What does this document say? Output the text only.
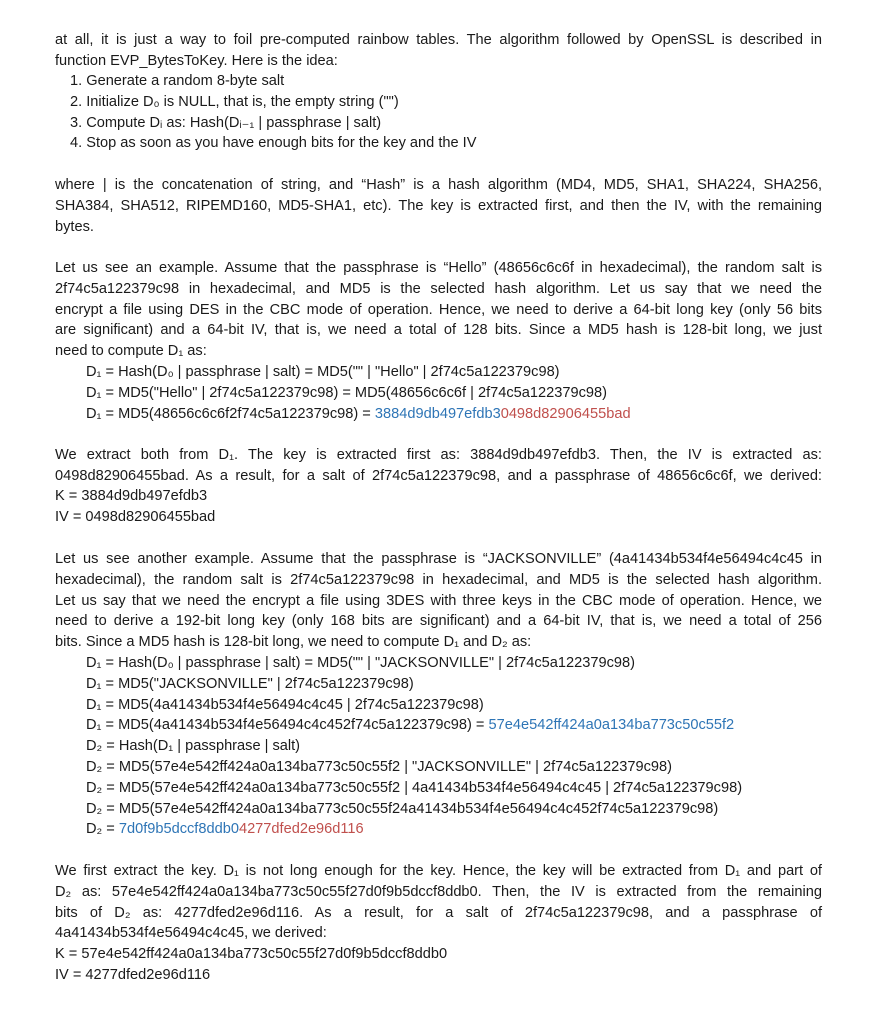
at all, it is just a way to foil pre-computed rainbow tables. The algorithm followed by OpenSSL is described in
function EVP_BytesToKey. Here is the idea:
1. Generate a random 8-byte salt
2. Initialize D₀ is NULL, that is, the empty string ("")
3. Compute Dᵢ as: Hash(Dᵢ₋₁ | passphrase | salt)
4. Stop as soon as you have enough bits for the key and the IV
where | is the concatenation of string, and “Hash” is a hash algorithm (MD4, MD5, SHA1, SHA224, SHA256,
SHA384, SHA512, RIPEMD160, MD5-SHA1, etc). The key is extracted first, and then the IV, with the remaining
bytes.
Let us see an example. Assume that the passphrase is “Hello” (48656c6c6f in hexadecimal), the random salt is
2f74c5a122379c98 in hexadecimal, and MD5 is the selected hash algorithm. Let us say that we need the
encrypt a file using DES in the CBC mode of operation. Hence, we need to derive a 64-bit long key (only 56 bits
are significant) and a 64-bit IV, that is, we need a total of 128 bits. Since a MD5 hash is 128-bit long, we just
need to compute D₁ as:
D₁ = Hash(D₀ | passphrase | salt) = MD5("" | "Hello" | 2f74c5a122379c98)
D₁ = MD5("Hello" | 2f74c5a122379c98) = MD5(48656c6c6f | 2f74c5a122379c98)
D₁ = MD5(48656c6c6f2f74c5a122379c98) = 3884d9db497efdb30498d82906455bad
We extract both from D₁. The key is extracted first as: 3884d9db497efdb3. Then, the IV is extracted as:
0498d82906455bad. As a result, for a salt of 2f74c5a122379c98, and a passphrase of 48656c6c6f, we derived:
K = 3884d9db497efdb3
IV = 0498d82906455bad
Let us see another example. Assume that the passphrase is “JACKSONVILLE” (4a41434b534f4e56494c4c45 in
hexadecimal), the random salt is 2f74c5a122379c98 in hexadecimal, and MD5 is the selected hash algorithm.
Let us say that we need the encrypt a file using 3DES with three keys in the CBC mode of operation. Hence, we
need to derive a 192-bit long key (only 168 bits are significant) and a 64-bit IV, that is, we need a total of 256
bits. Since a MD5 hash is 128-bit long, we need to compute D₁ and D₂ as:
D₁ = Hash(D₀ | passphrase | salt) = MD5("" | "JACKSONVILLE" | 2f74c5a122379c98)
D₁ = MD5("JACKSONVILLE" | 2f74c5a122379c98)
D₁ = MD5(4a41434b534f4e56494c4c45 | 2f74c5a122379c98)
D₁ = MD5(4a41434b534f4e56494c4c452f74c5a122379c98) = 57e4e542ff424a0a134ba773c50c55f2
D₂ = Hash(D₁ | passphrase | salt)
D₂ = MD5(57e4e542ff424a0a134ba773c50c55f2 | "JACKSONVILLE" | 2f74c5a122379c98)
D₂ = MD5(57e4e542ff424a0a134ba773c50c55f2 | 4a41434b534f4e56494c4c45 | 2f74c5a122379c98)
D₂ = MD5(57e4e542ff424a0a134ba773c50c55f24a41434b534f4e56494c4c452f74c5a122379c98)
D₂ = 7d0f9b5dccf8ddb04277dfed2e96d116
We first extract the key. D₁ is not long enough for the key. Hence, the key will be extracted from D₁ and part of
D₂ as: 57e4e542ff424a0a134ba773c50c55f27d0f9b5dccf8ddb0. Then, the IV is extracted from the remaining
bits of D₂ as: 4277dfed2e96d116. As a result, for a salt of 2f74c5a122379c98, and a passphrase of
4a41434b534f4e56494c4c45, we derived:
K = 57e4e542ff424a0a134ba773c50c55f27d0f9b5dccf8ddb0
IV = 4277dfed2e96d116
